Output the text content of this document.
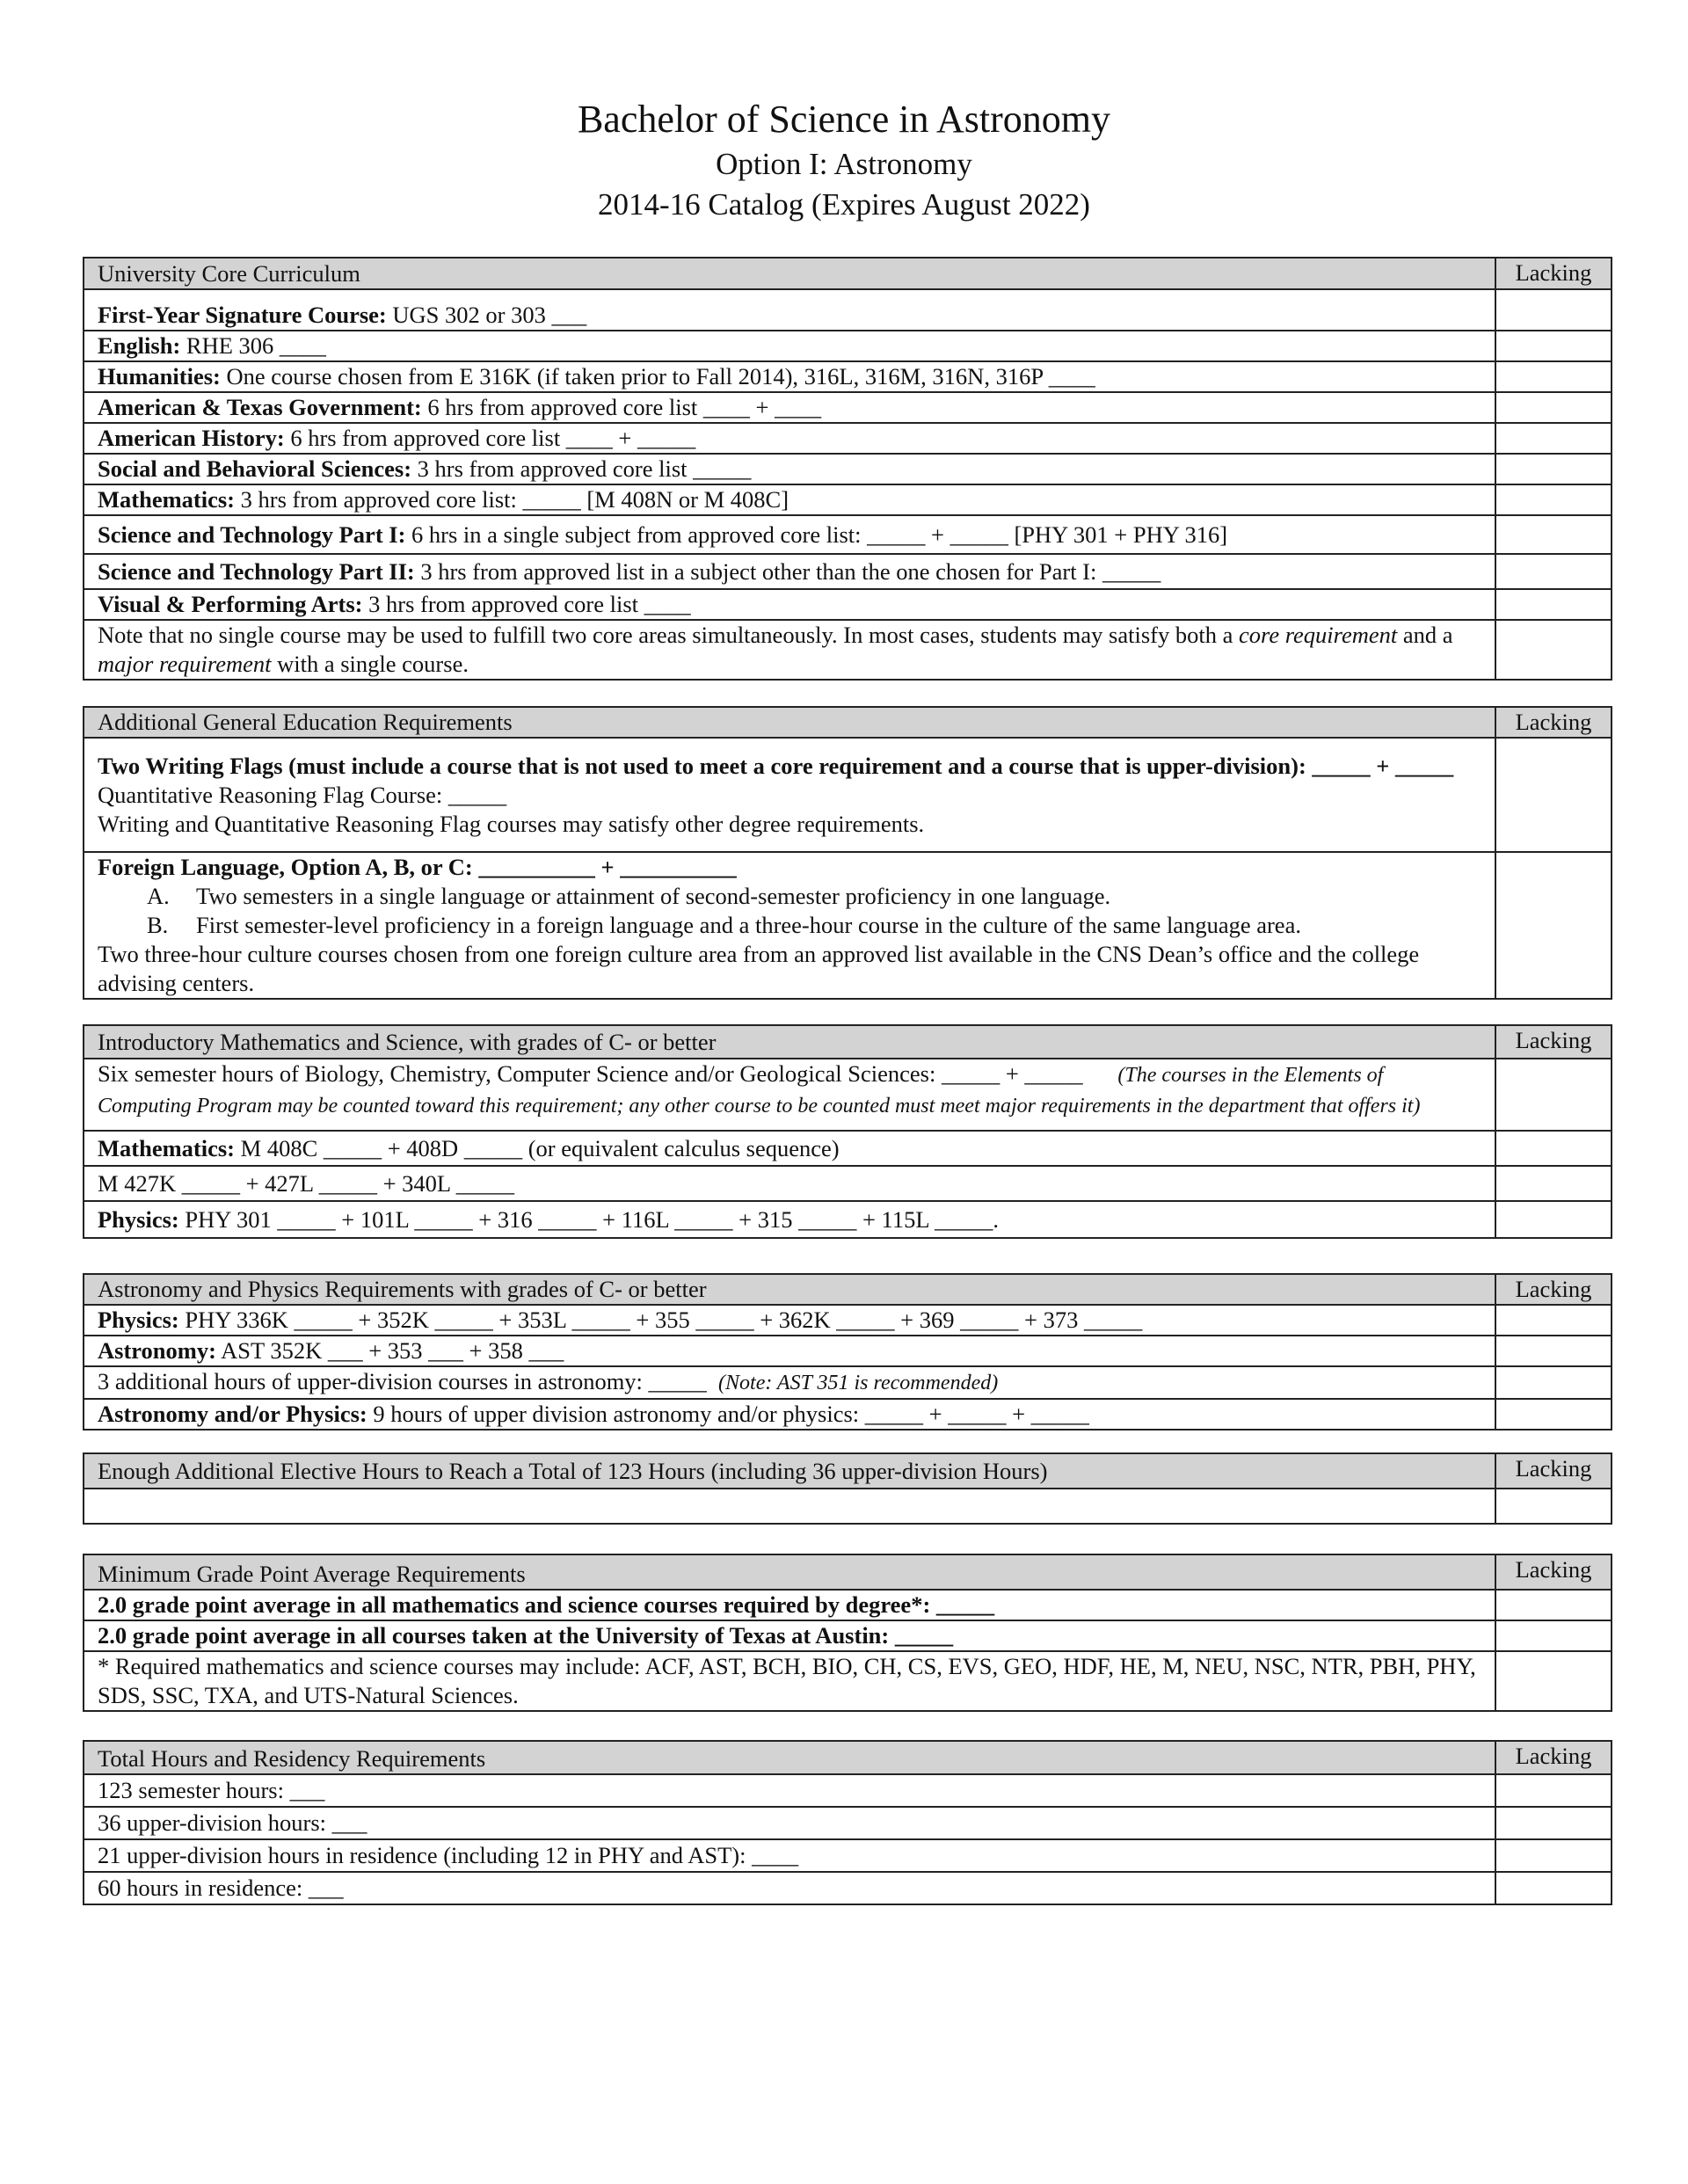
Bachelor of Science in Astronomy
Option I: Astronomy
2014-16 Catalog (Expires August 2022)
University Core Curriculum	Lacking
First-Year Signature Course: UGS 302 or 303 ___	
English: RHE 306 ____	
Humanities: One course chosen from E 316K (if taken prior to Fall 2014), 316L, 316M, 316N, 316P ____	
American & Texas Government: 6 hrs from approved core list ____ + ____	
American History: 6 hrs from approved core list ____ + _____	
Social and Behavioral Sciences: 3 hrs from approved core list _____	
Mathematics: 3 hrs from approved core list: _____ [M 408N or M 408C]	
Science and Technology Part I: 6 hrs in a single subject from approved core list: _____ + _____ [PHY 301 + PHY 316]	
Science and Technology Part II: 3 hrs from approved list in a subject other than the one chosen for Part I: _____	
Visual & Performing Arts: 3 hrs from approved core list ____	
Note that no single course may be used to fulfill two core areas simultaneously. In most cases, students may satisfy both a core requirement and a major requirement with a single course.	
Additional General Education Requirements	Lacking

Two Writing Flags (must include a course that is not used to meet a core requirement and a course that is upper-division): _____ + _____
Quantitative Reasoning Flag Course: _____
Writing and Quantitative Reasoning Flag courses may satisfy other degree requirements.	

Foreign Language, Option A, B, or C: __________ + __________
A. Two semesters in a single language or attainment of second-semester proficiency in one language.
B. First semester-level proficiency in a foreign language and a three-hour course in the culture of the same language area.
Two three-hour culture courses chosen from one foreign culture area from an approved list available in the CNS Dean’s office and the college advising centers.	

Introductory Mathematics and Science, with grades of C- or better	Lacking
Six semester hours of Biology, Chemistry, Computer Science and/or Geological Sciences: _____ + _____ (The courses in the Elements of Computing Program may be counted toward this requirement; any other course to be counted must meet major requirements in the department that offers it)	
Mathematics: M 408C _____ + 408D _____ (or equivalent calculus sequence)	
M 427K _____ + 427L _____ + 340L _____	
Physics: PHY 301 _____ + 101L _____ + 316 _____ + 116L _____ + 315 _____ + 115L _____.	
Astronomy and Physics Requirements with grades of C- or better	Lacking
Physics: PHY 336K _____ + 352K _____ + 353L _____ + 355 _____ + 362K _____ + 369 _____ + 373 _____	
Astronomy: AST 352K ___ + 353 ___ + 358 ___	
3 additional hours of upper-division courses in astronomy: _____ (Note: AST 351 is recommended)	
Astronomy and/or Physics: 9 hours of upper division astronomy and/or physics: _____ + _____ + _____	
Enough Additional Elective Hours to Reach a Total of 123 Hours (including 36 upper-division Hours)	Lacking

Minimum Grade Point Average Requirements	Lacking
2.0 grade point average in all mathematics and science courses required by degree*: _____	
2.0 grade point average in all courses taken at the University of Texas at Austin: _____	
* Required mathematics and science courses may include: ACF, AST, BCH, BIO, CH, CS, EVS, GEO, HDF, HE, M, NEU, NSC, NTR, PBH, PHY, SDS, SSC, TXA, and UTS-Natural Sciences.	
Total Hours and Residency Requirements	Lacking
123 semester hours: ___	
36 upper-division hours: ___	
21 upper-division hours in residence (including 12 in PHY and AST): ____	
60 hours in residence: ___	
